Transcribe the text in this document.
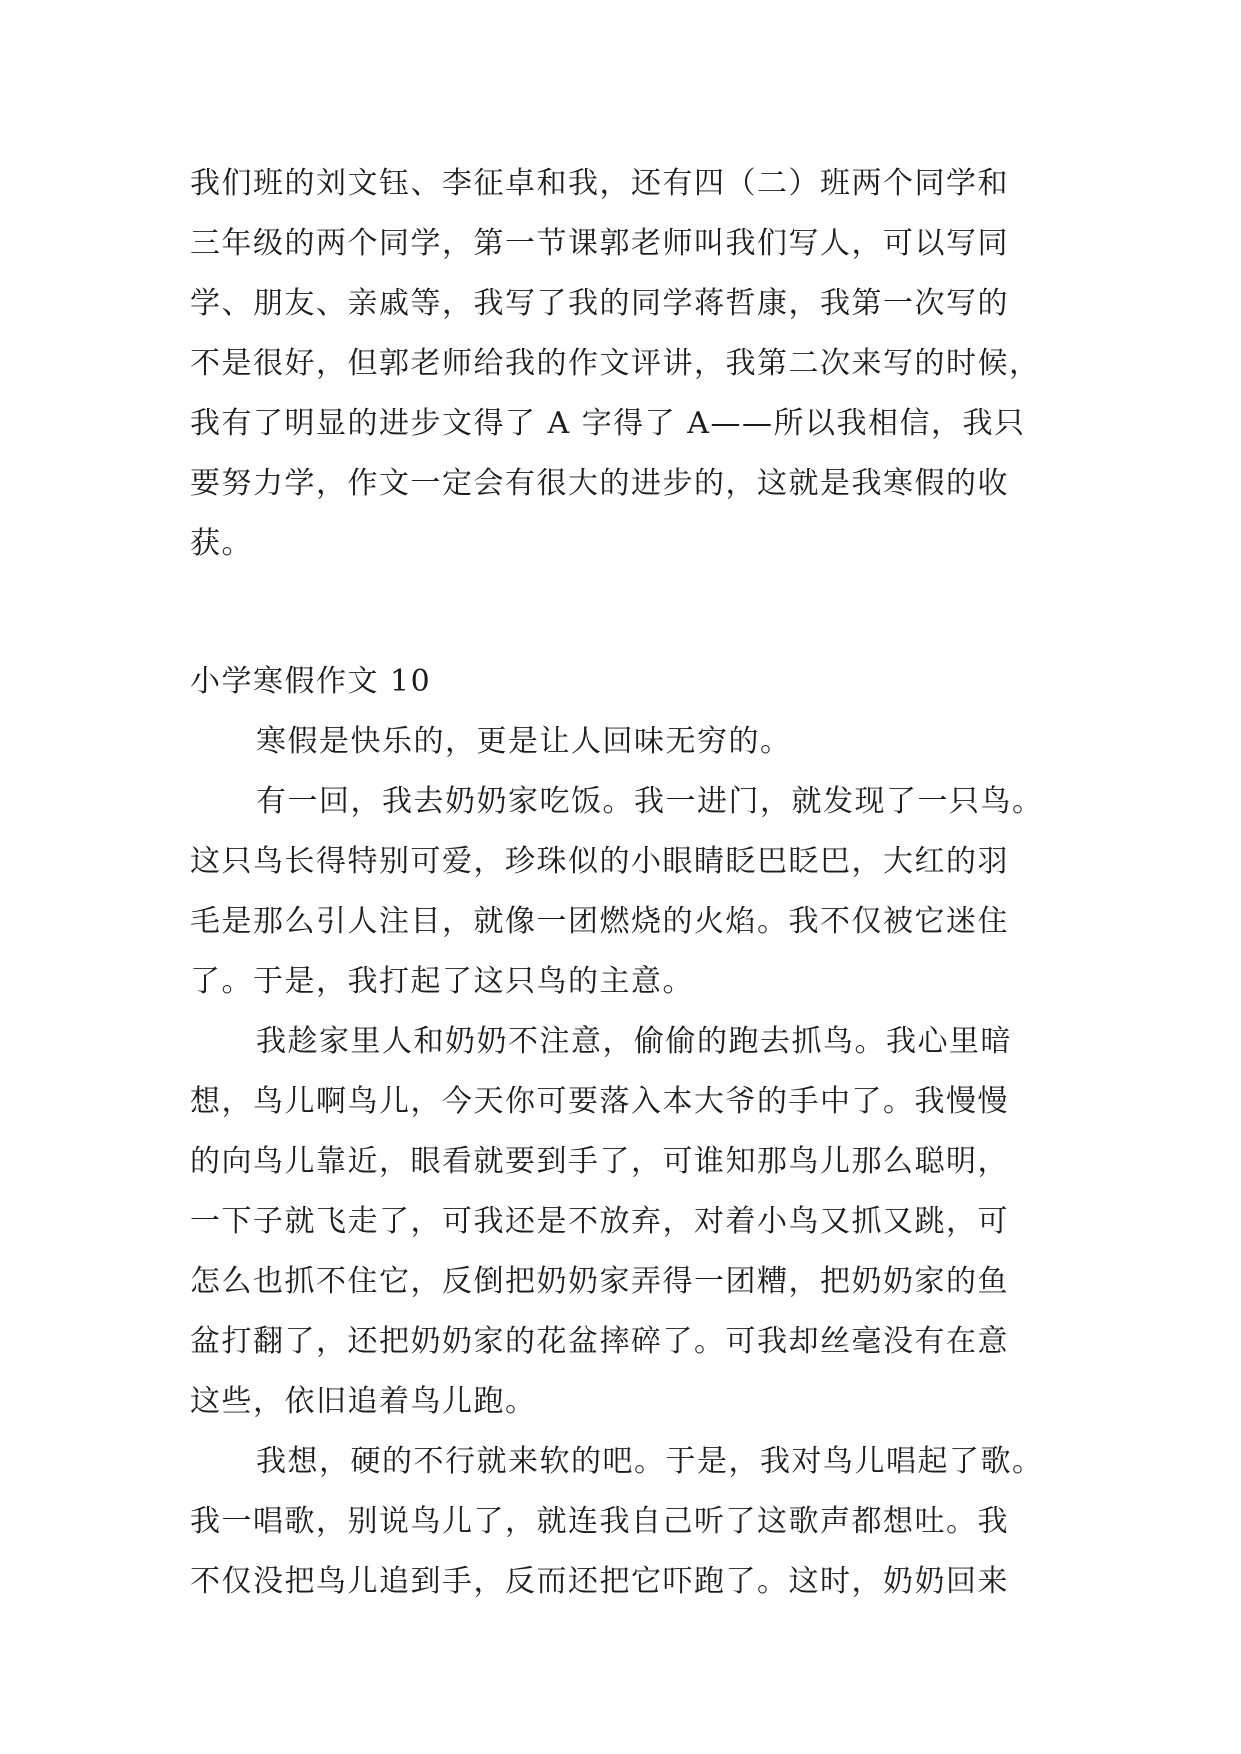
我们班的刘文钰、李征卓和我，还有四（二）班两个同学和
三年级的两个同学，第一节课郭老师叫我们写人，可以写同
学、朋友、亲戚等，我写了我的同学蒋哲康，我第一次写的
不是很好，但郭老师给我的作文评讲，我第二次来写的时候，
我有了明显的进步文得了 A 字得了 A——所以我相信，我只
要努力学，作文一定会有很大的进步的，这就是我寒假的收
获。
小学寒假作文 10
寒假是快乐的，更是让人回味无穷的。
有一回，我去奶奶家吃饭。我一进门，就发现了一只鸟。
这只鸟长得特别可爱，珍珠似的小眼睛眨巴眨巴，大红的羽
毛是那么引人注目，就像一团燃烧的火焰。我不仅被它迷住
了。于是，我打起了这只鸟的主意。
我趁家里人和奶奶不注意，偷偷的跑去抓鸟。我心里暗
想，鸟儿啊鸟儿，今天你可要落入本大爷的手中了。我慢慢
的向鸟儿靠近，眼看就要到手了，可谁知那鸟儿那么聪明，
一下子就飞走了，可我还是不放弃，对着小鸟又抓又跳，可
怎么也抓不住它，反倒把奶奶家弄得一团糟，把奶奶家的鱼
盆打翻了，还把奶奶家的花盆摔碎了。可我却丝毫没有在意
这些，依旧追着鸟儿跑。
我想，硬的不行就来软的吧。于是，我对鸟儿唱起了歌。
我一唱歌，别说鸟儿了，就连我自己听了这歌声都想吐。我
不仅没把鸟儿追到手，反而还把它吓跑了。这时，奶奶回来
